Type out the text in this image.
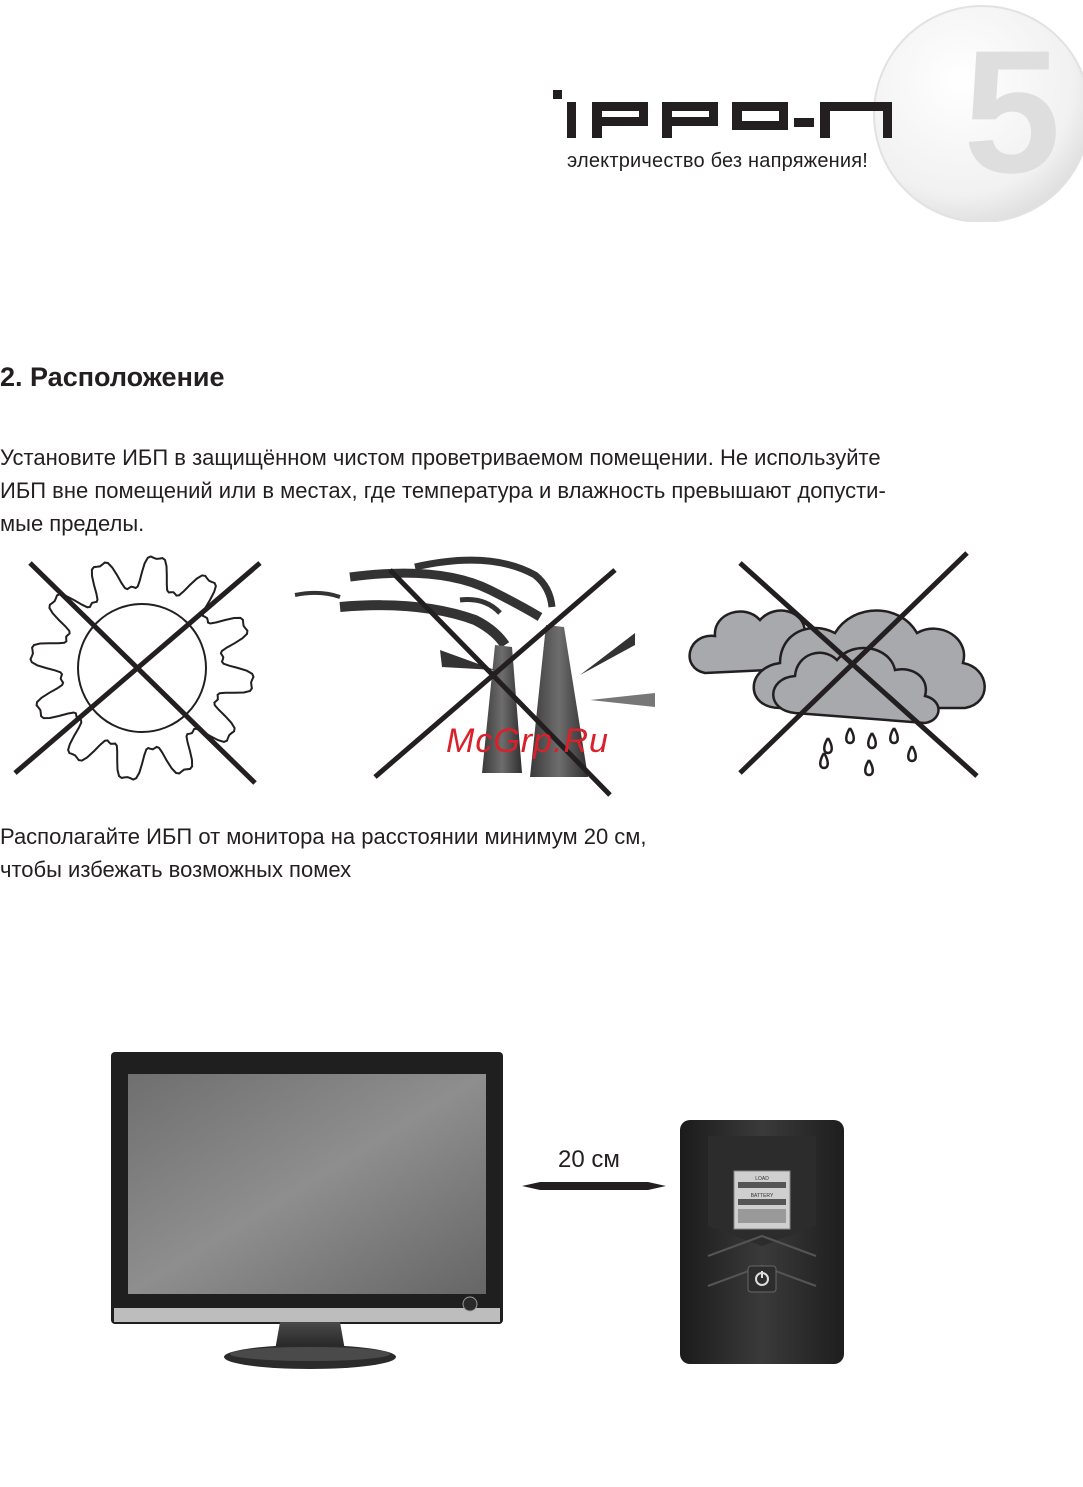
5
электричество без напряжения!
2. Расположение
Установите ИБП в защищённом чистом проветриваемом помещении. Не используйте
ИБП вне помещений или в местах, где температура и влажность превышают допусти-
мые пределы.
McGrp.Ru
Располагайте ИБП от монитора на расстоянии минимум 20 см,
чтобы избежать возможных помех
20 см
LOAD
BATTERY
